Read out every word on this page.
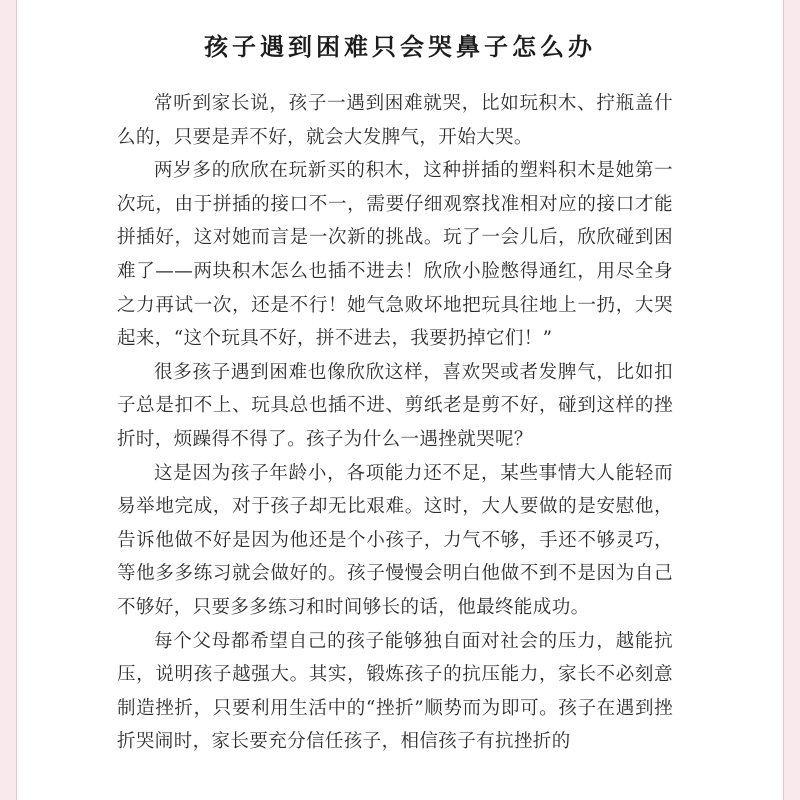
孩子遇到困难只会哭鼻子怎么办

常听到家长说，孩子一遇到困难就哭，比如玩积木、拧瓶盖什么的，只要是弄不好，就会大发脾气，开始大哭。

两岁多的欣欣在玩新买的积木，这种拼插的塑料积木是她第一次玩，由于拼插的接口不一，需要仔细观察找准相对应的接口才能拼插好，这对她而言是一次新的挑战。玩了一会儿后，欣欣碰到困难了——两块积木怎么也插不进去！欣欣小脸憋得通红，用尽全身之力再试一次，还是不行！她气急败坏地把玩具往地上一扔，大哭起来，“这个玩具不好，拼不进去，我要扔掉它们！”

很多孩子遇到困难也像欣欣这样，喜欢哭或者发脾气，比如扣子总是扣不上、玩具总也插不进、剪纸老是剪不好，碰到这样的挫折时，烦躁得不得了。孩子为什么一遇挫就哭呢？

这是因为孩子年龄小，各项能力还不足，某些事情大人能轻而易举地完成，对于孩子却无比艰难。这时，大人要做的是安慰他，告诉他做不好是因为他还是个小孩子，力气不够，手还不够灵巧，等他多多练习就会做好的。孩子慢慢会明白他做不到不是因为自己不够好，只要多多练习和时间够长的话，他最终能成功。

每个父母都希望自己的孩子能够独自面对社会的压力，越能抗压，说明孩子越强大。其实，锻炼孩子的抗压能力，家长不必刻意制造挫折，只要利用生活中的“挫折”顺势而为即可。孩子在遇到挫折哭闹时，家长要充分信任孩子，相信孩子有抗挫折的
